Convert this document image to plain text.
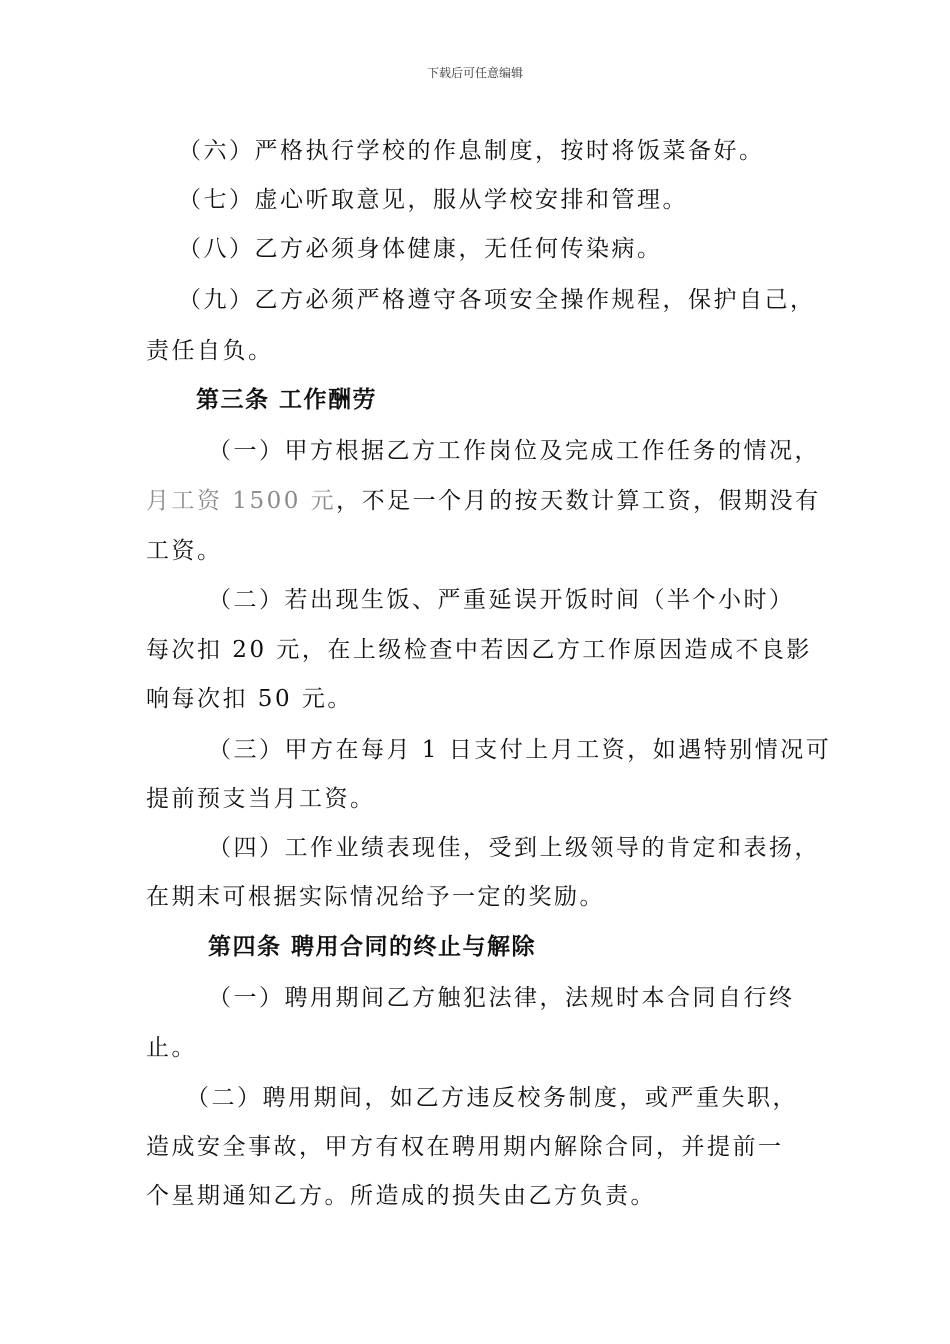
下载后可任意编辑
（六）严格执行学校的作息制度，按时将饭菜备好。
（七）虚心听取意见，服从学校安排和管理。
（八）乙方必须身体健康，无任何传染病。
（九）乙方必须严格遵守各项安全操作规程，保护自己，
责任自负。
第三条 工作酬劳
（一）甲方根据乙方工作岗位及完成工作任务的情况，
月工资 1500 元，不足一个月的按天数计算工资，假期没有
工资。
（二）若出现生饭、严重延误开饭时间（半个小时）
每次扣 20 元，在上级检查中若因乙方工作原因造成不良影
响每次扣 50 元。
（三）甲方在每月 1 日支付上月工资，如遇特别情况可
提前预支当月工资。
（四）工作业绩表现佳，受到上级领导的肯定和表扬，
在期末可根据实际情况给予一定的奖励。
第四条 聘用合同的终止与解除
（一）聘用期间乙方触犯法律，法规时本合同自行终
止。
（二）聘用期间，如乙方违反校务制度，或严重失职，
造成安全事故，甲方有权在聘用期内解除合同，并提前一
个星期通知乙方。所造成的损失由乙方负责。
